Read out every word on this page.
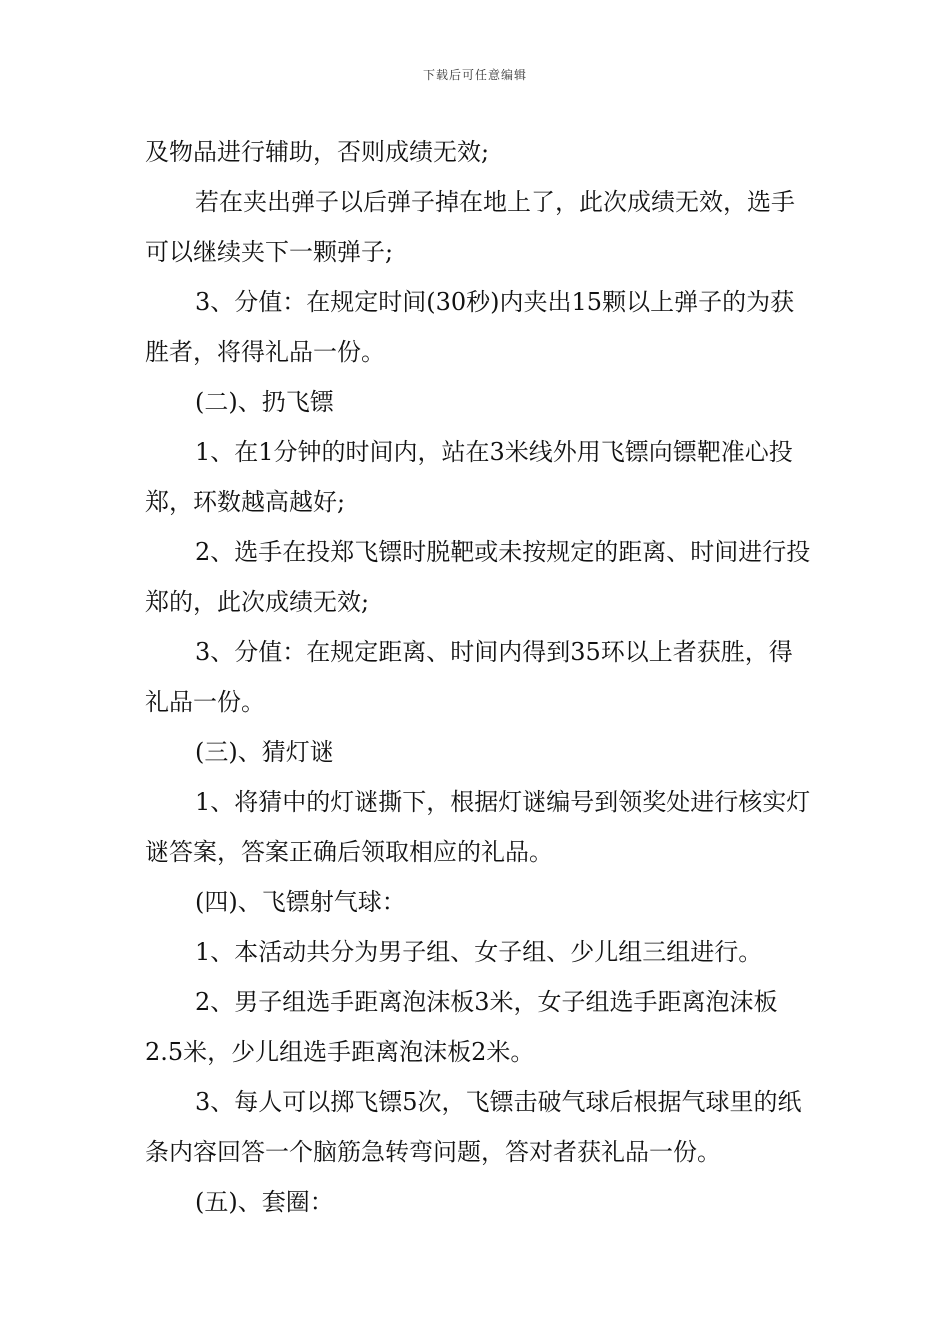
下载后可任意编辑

及物品进行辅助，否则成绩无效;

若在夹出弹子以后弹子掉在地上了，此次成绩无效，选手可以继续夹下一颗弹子;

3、分值：在规定时间(30秒)内夹出15颗以上弹子的为获胜者，将得礼品一份。

(二)、扔飞镖

1、在1分钟的时间内，站在3米线外用飞镖向镖靶准心投郑，环数越高越好;

2、选手在投郑飞镖时脱靶或未按规定的距离、时间进行投郑的，此次成绩无效;

3、分值：在规定距离、时间内得到35环以上者获胜，得礼品一份。

(三)、猜灯谜

1、将猜中的灯谜撕下，根据灯谜编号到领奖处进行核实灯谜答案，答案正确后领取相应的礼品。

(四)、飞镖射气球：

1、本活动共分为男子组、女子组、少儿组三组进行。

2、男子组选手距离泡沫板3米，女子组选手距离泡沫板2.5米，少儿组选手距离泡沫板2米。

3、每人可以掷飞镖5次，飞镖击破气球后根据气球里的纸条内容回答一个脑筋急转弯问题，答对者获礼品一份。

(五)、套圈：
